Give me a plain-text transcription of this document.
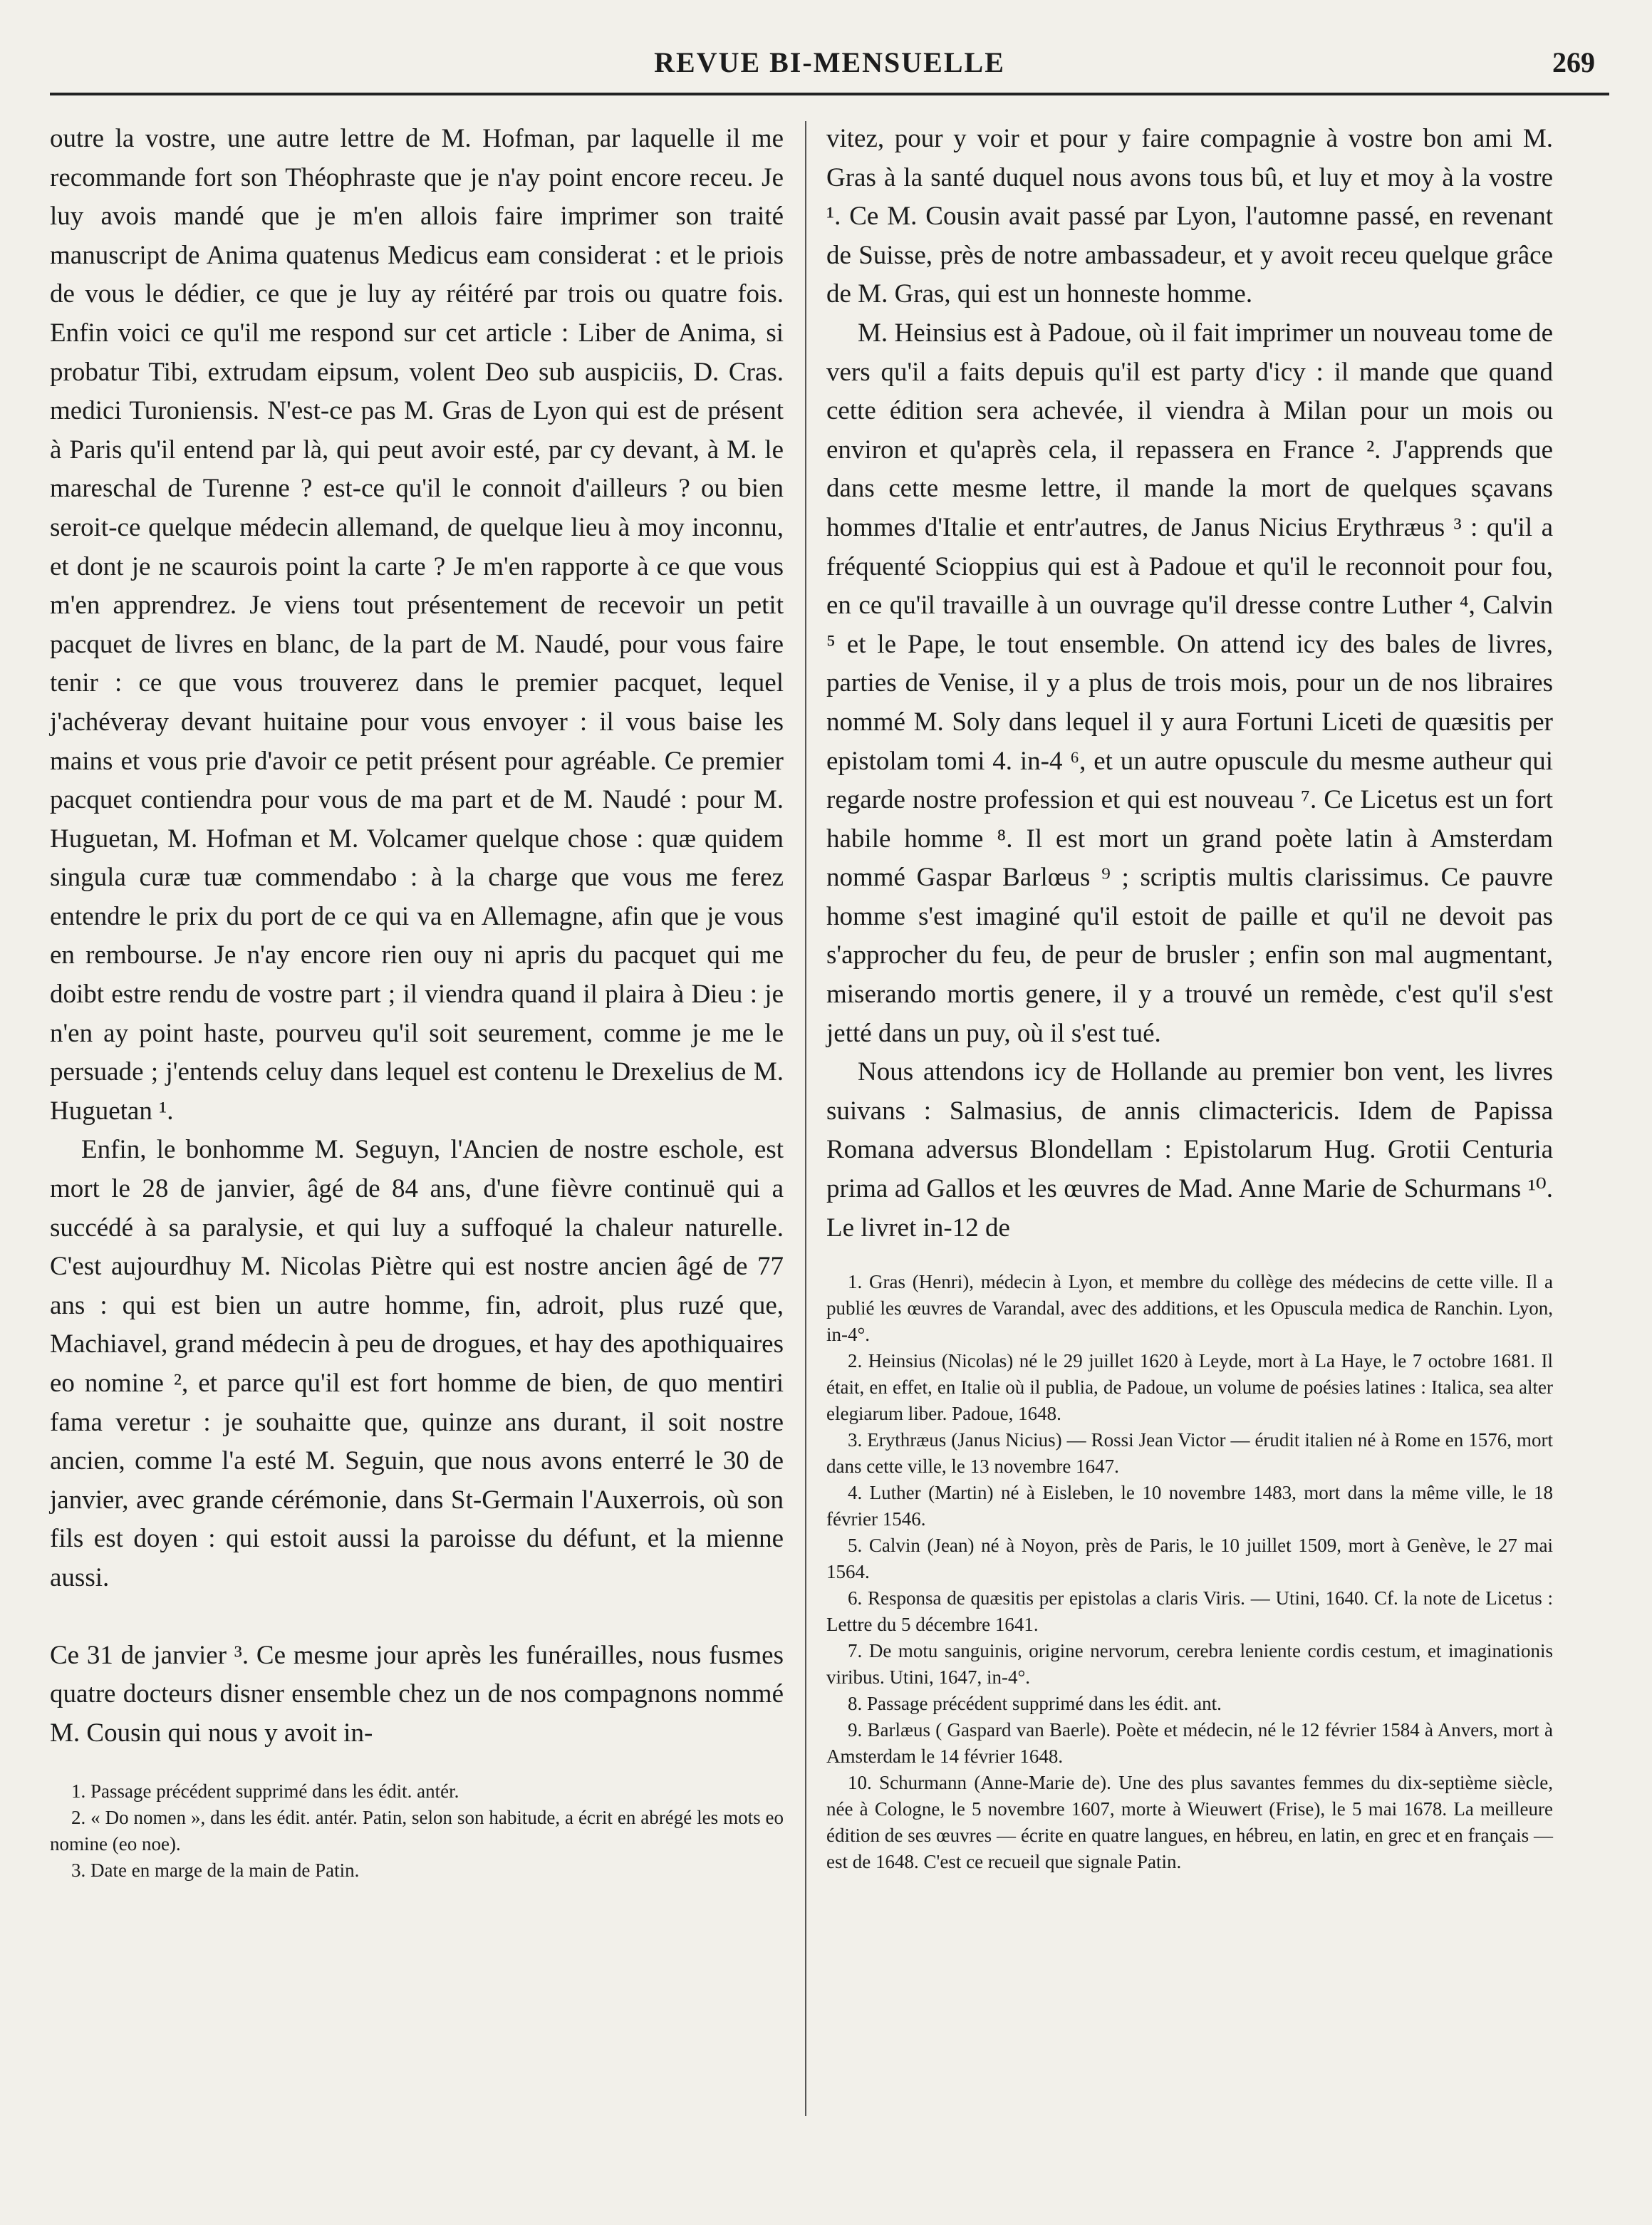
REVUE BI-MENSUELLE	269

outre la vostre, une autre lettre de M. Hofman, par laquelle il me recommande fort son Théophraste que je n'ay point encore receu. Je luy avois mandé que je m'en allois faire imprimer son traité manuscript de Anima quatenus Medicus eam considerat : et le priois de vous le dédier, ce que je luy ay réitéré par trois ou quatre fois. Enfin voici ce qu'il me respond sur cet article : Liber de Anima, si probatur Tibi, extrudam eipsum, volent Deo sub auspiciis, D. Cras. medici Turoniensis. N'est-ce pas M. Gras de Lyon qui est de présent à Paris qu'il entend par là, qui peut avoir esté, par cy devant, à M. le mareschal de Turenne ? est-ce qu'il le connoit d'ailleurs ? ou bien seroit-ce quelque médecin allemand, de quelque lieu à moy inconnu, et dont je ne scaurois point la carte ? Je m'en rapporte à ce que vous m'en apprendrez. Je viens tout présentement de recevoir un petit pacquet de livres en blanc, de la part de M. Naudé, pour vous faire tenir : ce que vous trouverez dans le premier pacquet, lequel j'achéveray devant huitaine pour vous envoyer : il vous baise les mains et vous prie d'avoir ce petit présent pour agréable. Ce premier pacquet contiendra pour vous de ma part et de M. Naudé : pour M. Huguetan, M. Hofman et M. Volcamer quelque chose : quæ quidem singula curæ tuæ commendabo : à la charge que vous me ferez entendre le prix du port de ce qui va en Allemagne, afin que je vous en rembourse. Je n'ay encore rien ouy ni apris du pacquet qui me doibt estre rendu de vostre part ; il viendra quand il plaira à Dieu : je n'en ay point haste, pourveu qu'il soit seurement, comme je me le persuade ; j'entends celuy dans lequel est contenu le Drexelius de M. Huguetan ¹.

Enfin, le bonhomme M. Seguyn, l'Ancien de nostre eschole, est mort le 28 de janvier, âgé de 84 ans, d'une fièvre continuë qui a succédé à sa paralysie, et qui luy a suffoqué la chaleur naturelle. C'est aujourdhuy M. Nicolas Piètre qui est nostre ancien âgé de 77 ans : qui est bien un autre homme, fin, adroit, plus ruzé que, Machiavel, grand médecin à peu de drogues, et hay des apothiquaires eo nomine ², et parce qu'il est fort homme de bien, de quo mentiri fama veretur : je souhaitte que, quinze ans durant, il soit nostre ancien, comme l'a esté M. Seguin, que nous avons enterré le 30 de janvier, avec grande cérémonie, dans St-Germain l'Auxerrois, où son fils est doyen : qui estoit aussi la paroisse du défunt, et la mienne aussi.

Ce 31 de janvier ³. Ce mesme jour après les funérailles, nous fusmes quatre docteurs disner ensemble chez un de nos compagnons nommé M. Cousin qui nous y avoit in-

1. Passage précédent supprimé dans les édit. antér.

2. « Do nomen », dans les édit. antér. Patin, selon son habitude, a écrit en abrégé les mots eo nomine (eo noe).

3. Date en marge de la main de Patin.

vitez, pour y voir et pour y faire compagnie à vostre bon ami M. Gras à la santé duquel nous avons tous bû, et luy et moy à la vostre ¹. Ce M. Cousin avait passé par Lyon, l'automne passé, en revenant de Suisse, près de notre ambassadeur, et y avoit receu quelque grâce de M. Gras, qui est un honneste homme.

M. Heinsius est à Padoue, où il fait imprimer un nouveau tome de vers qu'il a faits depuis qu'il est party d'icy : il mande que quand cette édition sera achevée, il viendra à Milan pour un mois ou environ et qu'après cela, il repassera en France ². J'apprends que dans cette mesme lettre, il mande la mort de quelques sçavans hommes d'Italie et entr'autres, de Janus Nicius Erythræus ³ : qu'il a fréquenté Scioppius qui est à Padoue et qu'il le reconnoit pour fou, en ce qu'il travaille à un ouvrage qu'il dresse contre Luther ⁴, Calvin ⁵ et le Pape, le tout ensemble. On attend icy des bales de livres, parties de Venise, il y a plus de trois mois, pour un de nos libraires nommé M. Soly dans lequel il y aura Fortuni Liceti de quæsitis per epistolam tomi 4. in-4 ⁶, et un autre opuscule du mesme autheur qui regarde nostre profession et qui est nouveau ⁷. Ce Licetus est un fort habile homme ⁸. Il est mort un grand poète latin à Amsterdam nommé Gaspar Barlœus ⁹ ; scriptis multis clarissimus. Ce pauvre homme s'est imaginé qu'il estoit de paille et qu'il ne devoit pas s'approcher du feu, de peur de brusler ; enfin son mal augmentant, miserando mortis genere, il y a trouvé un remède, c'est qu'il s'est jetté dans un puy, où il s'est tué.

Nous attendons icy de Hollande au premier bon vent, les livres suivans : Salmasius, de annis climactericis. Idem de Papissa Romana adversus Blondellam : Epistolarum Hug. Grotii Centuria prima ad Gallos et les œuvres de Mad. Anne Marie de Schurmans ¹⁰. Le livret in-12 de

1. Gras (Henri), médecin à Lyon, et membre du collège des médecins de cette ville. Il a publié les œuvres de Varandal, avec des additions, et les Opuscula medica de Ranchin. Lyon, in-4°.

2. Heinsius (Nicolas) né le 29 juillet 1620 à Leyde, mort à La Haye, le 7 octobre 1681. Il était, en effet, en Italie où il publia, de Padoue, un volume de poésies latines : Italica, sea alter elegiarum liber. Padoue, 1648.

3. Erythræus (Janus Nicius) — Rossi Jean Victor — érudit italien né à Rome en 1576, mort dans cette ville, le 13 novembre 1647.

4. Luther (Martin) né à Eisleben, le 10 novembre 1483, mort dans la même ville, le 18 février 1546.

5. Calvin (Jean) né à Noyon, près de Paris, le 10 juillet 1509, mort à Genève, le 27 mai 1564.

6. Responsa de quæsitis per epistolas a claris Viris. — Utini, 1640. Cf. la note de Licetus : Lettre du 5 décembre 1641.

7. De motu sanguinis, origine nervorum, cerebra leniente cordis cestum, et imaginationis viribus. Utini, 1647, in-4°.

8. Passage précédent supprimé dans les édit. ant.

9. Barlæus ( Gaspard van Baerle). Poète et médecin, né le 12 février 1584 à Anvers, mort à Amsterdam le 14 février 1648.

10. Schurmann (Anne-Marie de). Une des plus savantes femmes du dix-septième siècle, née à Cologne, le 5 novembre 1607, morte à Wieuwert (Frise), le 5 mai 1678. La meilleure édition de ses œuvres — écrite en quatre langues, en hébreu, en latin, en grec et en français — est de 1648. C'est ce recueil que signale Patin.
